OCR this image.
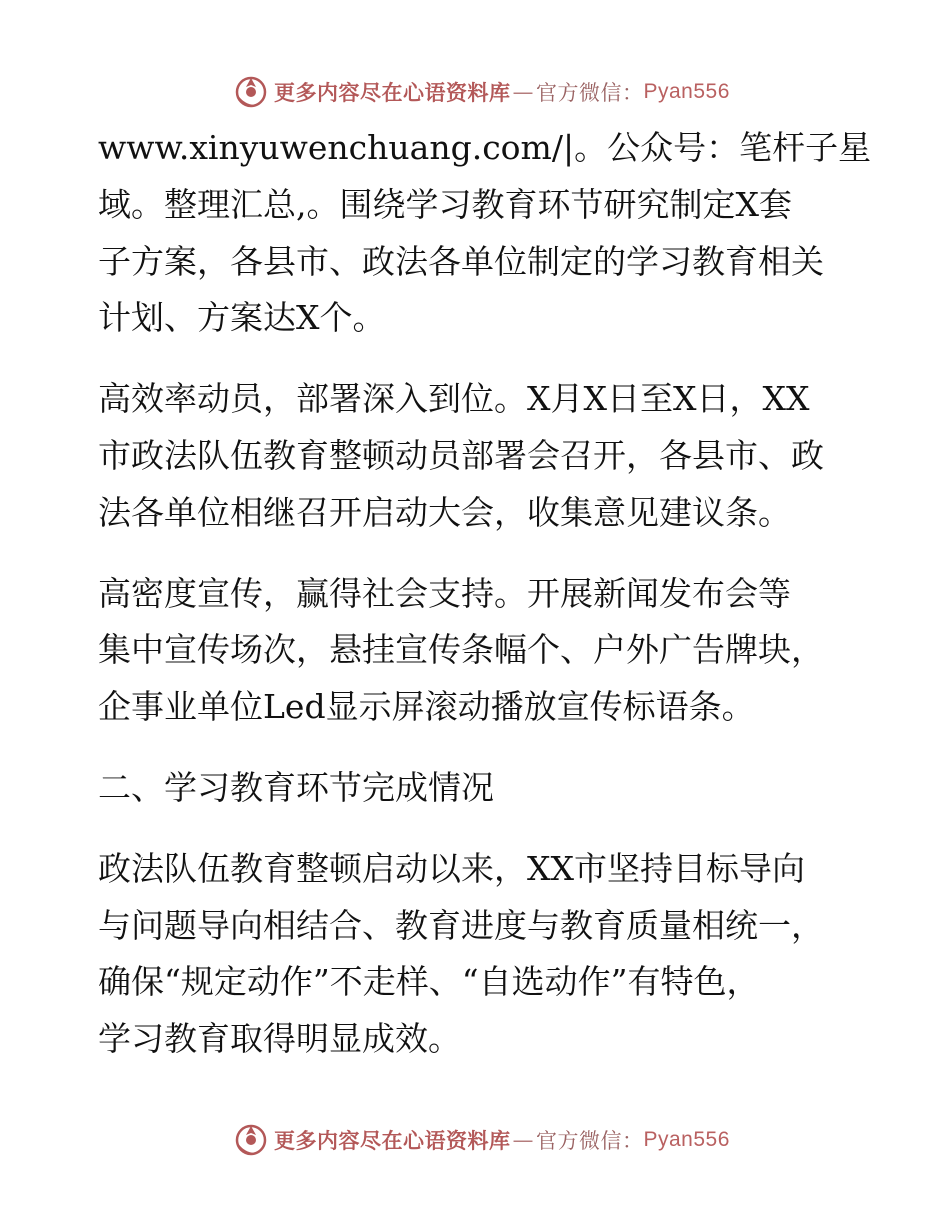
更多内容尽在心语资料库 — 官方微信： Pyan556
www.xinyuwenchuang.com/|。公众号：笔杆子星
域。整理汇总,。围绕学习教育环节研究制定X套
子方案，各县市、政法各单位制定的学习教育相关
计划、方案达X个。
高效率动员，部署深入到位。X月X日至X日，XX
市政法队伍教育整顿动员部署会召开，各县市、政
法各单位相继召开启动大会，收集意见建议条。
高密度宣传，赢得社会支持。开展新闻发布会等
集中宣传场次，悬挂宣传条幅个、户外广告牌块，
企事业单位Led显示屏滚动播放宣传标语条。
二、学习教育环节完成情况
政法队伍教育整顿启动以来，XX市坚持目标导向
与问题导向相结合、教育进度与教育质量相统一，
确保“规定动作”不走样、“自选动作”有特色，
学习教育取得明显成效。
更多内容尽在心语资料库 — 官方微信： Pyan556
